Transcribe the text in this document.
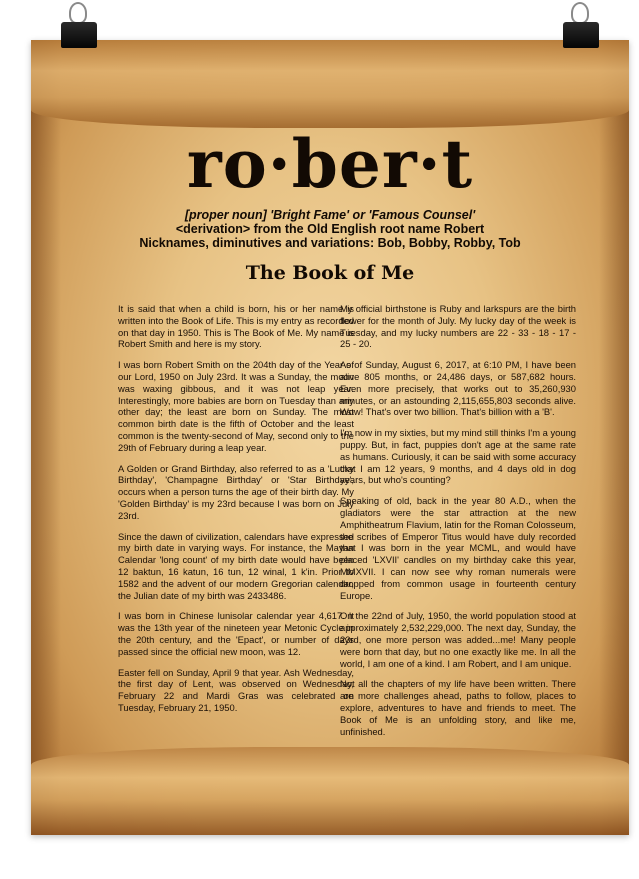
ro·ber·t
[proper noun] 'Bright Fame' or 'Famous Counsel'
<derivation> from the Old English root name Robert
Nicknames, diminutives and variations: Bob, Bobby, Robby, Tob
The Book of Me

It is said that when a child is born, his or her name is written into the Book of Life. This is my entry as recorded on that day in 1950. This is The Book of Me. My name is Robert Smith and here is my story.

I was born Robert Smith on the 204th day of the Year of our Lord, 1950 on July 23rd. It was a Sunday, the moon was waxing gibbous, and it was not leap year. Interestingly, more babies are born on Tuesday than any other day; the least are born on Sunday. The most common birth date is the fifth of October and the least common is the twenty-second of May, second only to the 29th of February during a leap year.

A Golden or Grand Birthday, also referred to as a 'Lucky Birthday', 'Champagne Birthday' or 'Star Birthday', occurs when a person turns the age of their birth day. My 'Golden Birthday' is my 23rd because I was born on July 23rd.

Since the dawn of civilization, calendars have expressed my birth date in varying ways. For instance, the Mayan Calendar 'long count' of my birth date would have been 12 baktun, 16 katun, 16 tun, 12 winal, 1 k'in. Prior to 1582 and the advent of our modern Gregorian calendar, the Julian date of my birth was 2433486.

I was born in Chinese lunisolar calendar year 4,617. It was the 13th year of the nineteen year Metonic Cycle in the 20th century, and the 'Epact', or number of days passed since the official new moon, was 12.

Easter fell on Sunday, April 9 that year. Ash Wednesday, the first day of Lent, was observed on Wednesday, February 22 and Mardi Gras was celebrated on Tuesday, February 21, 1950.

My official birthstone is Ruby and larkspurs are the birth flower for the month of July. My lucky day of the week is Tuesday, and my lucky numbers are 22 - 33 - 18 - 17 - 25 - 20.

As of Sunday, August 6, 2017, at 6:10 PM, I have been alive 805 months, or 24,486 days, or 587,682 hours. Even more precisely, that works out to 35,260,930 minutes, or an astounding 2,115,655,803 seconds alive. Wow! That's over two billion. That's billion with a 'B'.

I'm now in my sixties, but my mind still thinks I'm a young puppy. But, in fact, puppies don't age at the same rate as humans. Curiously, it can be said with some accuracy that I am 12 years, 9 months, and 4 days old in dog years, but who's counting?

Speaking of old, back in the year 80 A.D., when the gladiators were the star attraction at the new Amphitheatrum Flavium, latin for the Roman Colosseum, the scribes of Emperor Titus would have duly recorded that I was born in the year MCML, and would have placed 'LXVII' candles on my birthday cake this year, MMXVII. I can now see why roman numerals were dropped from common usage in fourteenth century Europe.

On the 22nd of July, 1950, the world population stood at approximately 2,532,229,000. The next day, Sunday, the 23rd, one more person was added...me! Many people were born that day, but no one exactly like me. In all the world, I am one of a kind. I am Robert, and I am unique.

Not all the chapters of my life have been written. There are more challenges ahead, paths to follow, places to explore, adventures to have and friends to meet. The Book of Me is an unfolding story, and like me, unfinished.
